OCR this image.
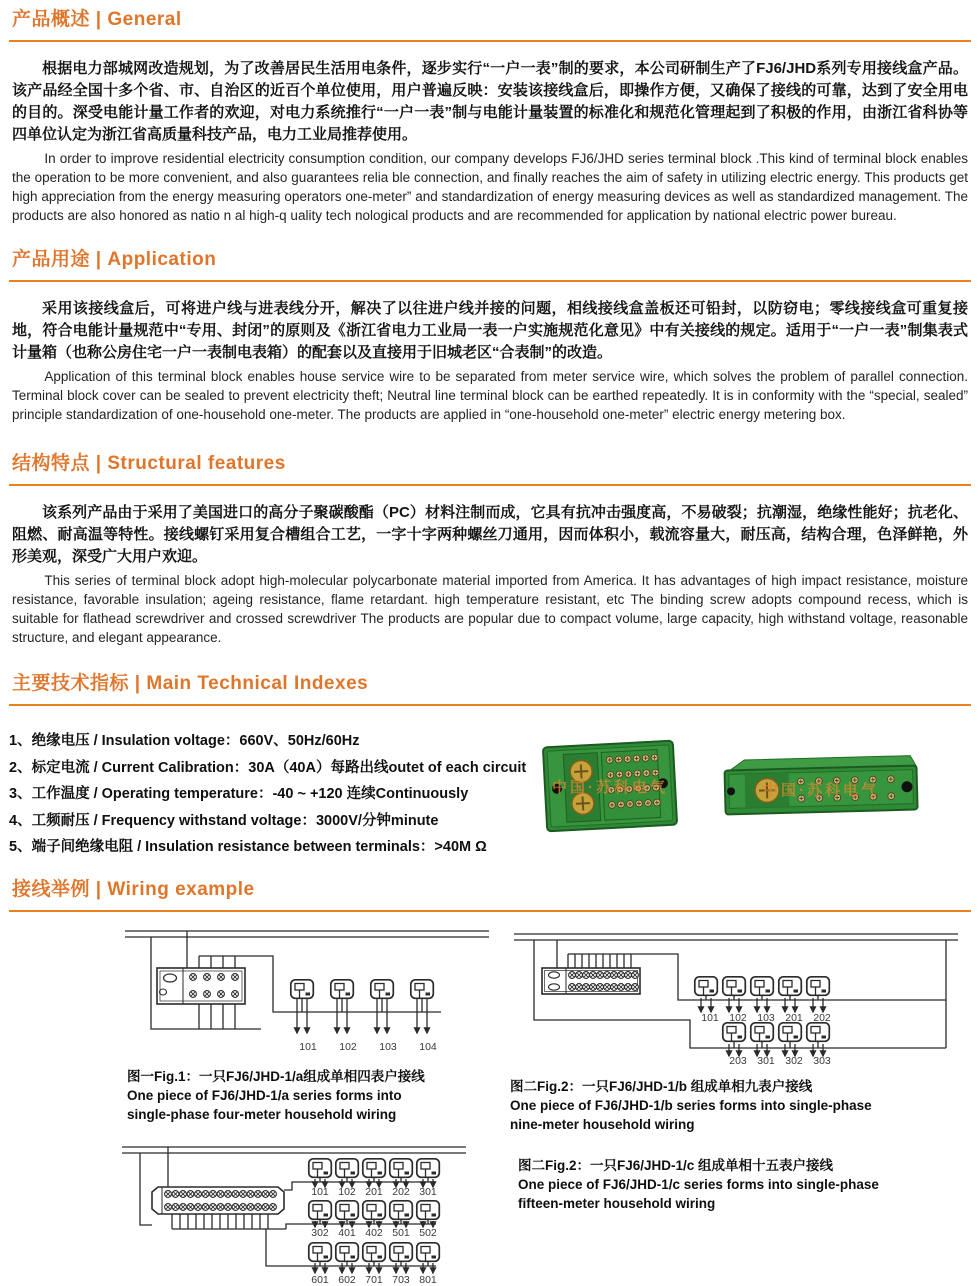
产品概述 | General

根据电力部城网改造规划，为了改善居民生活用电条件，逐步实行“一户一表”制的要求，本公司研制生产了FJ6/JHD系列专用接线盒产品。该产品经全国十多个省、市、自治区的近百个单位使用，用户普遍反映：安装该接线盒后，即操作方便，又确保了接线的可靠，达到了安全用电的目的。深受电能计量工作者的欢迎，对电力系统推行“一户一表”制与电能计量装置的标准化和规范化管理起到了积极的作用，由浙江省科协等四单位认定为浙江省高质量科技产品，电力工业局推荐使用。

In order to improve residential electricity consumption condition, our company develops FJ6/JHD series terminal block .This kind of terminal block enables the operation to be more convenient, and also guarantees relia ble connection, and finally reaches the aim of safety in utilizing electric energy. This products get high appreciation from the energy measuring operators one-meter” and standardization of energy measuring devices as well as standardized management. The products are also honored as natio n al high-q uality tech nological products and are recommended for application by national electric power bureau.

产品用途 | Application

采用该接线盒后，可将进户线与进表线分开，解决了以往进户线并接的问题，相线接线盒盖板还可铅封，以防窃电；零线接线盒可重复接地，符合电能计量规范中“专用、封闭”的原则及《浙江省电力工业局一表一户实施规范化意见》中有关接线的规定。适用于“一户一表”制集表式计量箱（也称公房住宅一户一表制电表箱）的配套以及直接用于旧城老区“合表制”的改造。

Application of this terminal block enables house service wire to be separated from meter service wire, which solves the problem of parallel connection. Terminal block cover can be sealed to prevent electricity theft; Neutral line terminal block can be earthed repeatedly. It is in conformity with the “special, sealed” principle standardization of one-household one-meter. The products are applied in “one-household one-meter” electric energy metering box.

结构特点 | Structural features

该系列产品由于采用了美国进口的高分子聚碳酸酯（PC）材料注制而成，它具有抗冲击强度高，不易破裂；抗潮湿，绝缘性能好；抗老化、阻燃、耐高温等特性。接线螺钉采用复合槽组合工艺，一字十字两种螺丝刀通用，因而体积小，载流容量大，耐压高，结构合理，色泽鲜艳，外形美观，深受广大用户欢迎。

This series of terminal block adopt high-molecular polycarbonate material imported from America. It has advantages of high impact resistance, moisture resistance, favorable insulation; ageing resistance, flame retardant. high temperature resistant, etc The binding screw adopts compound recess, which is suitable for flathead screwdriver and crossed screwdriver The products are popular due to compact volume, large capacity, high withstand voltage, reasonable structure, and elegant appearance.

主要技术指标 | Main Technical Indexes
1、绝缘电压 / Insulation voltage：660V、50Hz/60Hz
2、标定电流 / Current Calibration：30A（40A）每路出线outet of each circuit
3、工作温度 / Operating temperature：-40 ~ +120 连续Continuously
4、工频耐压 / Frequency withstand voltage：3000V/分钟minute
5、端子间绝缘电阻 / Insulation resistance between terminals：>40M Ω
中国·苏科电气	中国·苏科电气
接线举例 | Wiring example
101 102 103 104

图一Fig.1：一只FJ6/JHD-1/a组成单相四表户接线

One piece of FJ6/JHD-1/a series forms into

single-phase four-meter household wiring

101 102 103 201 202
203 301 302 303

图二Fig.2：一只FJ6/JHD-1/b 组成单相九表户接线

One piece of FJ6/JHD-1/b series forms into single-phase

nine-meter household wiring

101 102 201 202 301
302 401 402 501 502
601 602 701 703 801

图二Fig.2：一只FJ6/JHD-1/c 组成单相十五表户接线

One piece of FJ6/JHD-1/c series forms into single-phase

fifteen-meter household wiring
